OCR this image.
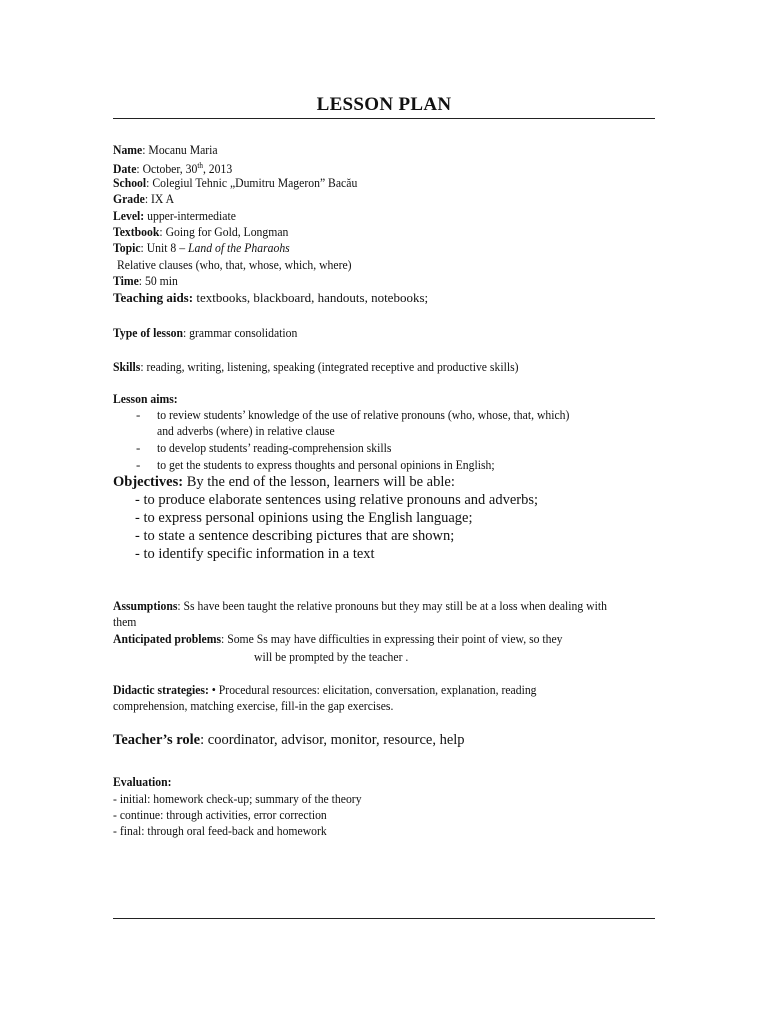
LESSON PLAN
Name: Mocanu Maria
Date: October, 30th, 2013
School: Colegiul Tehnic „Dumitru Mageron” Bacău
Grade: IX A
Level: upper-intermediate
Textbook: Going for Gold, Longman
Topic: Unit 8 – Land of the Pharaohs
Relative clauses (who, that, whose, which, where)
Time: 50 min
Teaching aids: textbooks, blackboard, handouts, notebooks;
Type of lesson: grammar consolidation
Skills: reading, writing, listening, speaking (integrated receptive and productive skills)
Lesson aims:
- to review students’ knowledge of the use of relative pronouns (who, whose, that, which)
and adverbs (where) in relative clause
- to develop students’ reading-comprehension skills
- to get the students to express thoughts and personal opinions in English;
Objectives: By the end of the lesson, learners will be able:
- to produce elaborate sentences using relative pronouns and adverbs;
- to express personal opinions using the English language;
- to state a sentence describing pictures that are shown;
- to identify specific information in a text
Assumptions: Ss have been taught the relative pronouns but they may still be at a loss when dealing with
them
Anticipated problems: Some Ss may have difficulties in expressing their point of view, so they
will be prompted by the teacher .
Didactic strategies: • Procedural resources: elicitation, conversation, explanation, reading
comprehension, matching exercise, fill-in the gap exercises.
Teacher’s role: coordinator, advisor, monitor, resource, help
Evaluation:
- initial: homework check-up; summary of the theory
- continue: through activities, error correction
- final: through oral feed-back and homework
